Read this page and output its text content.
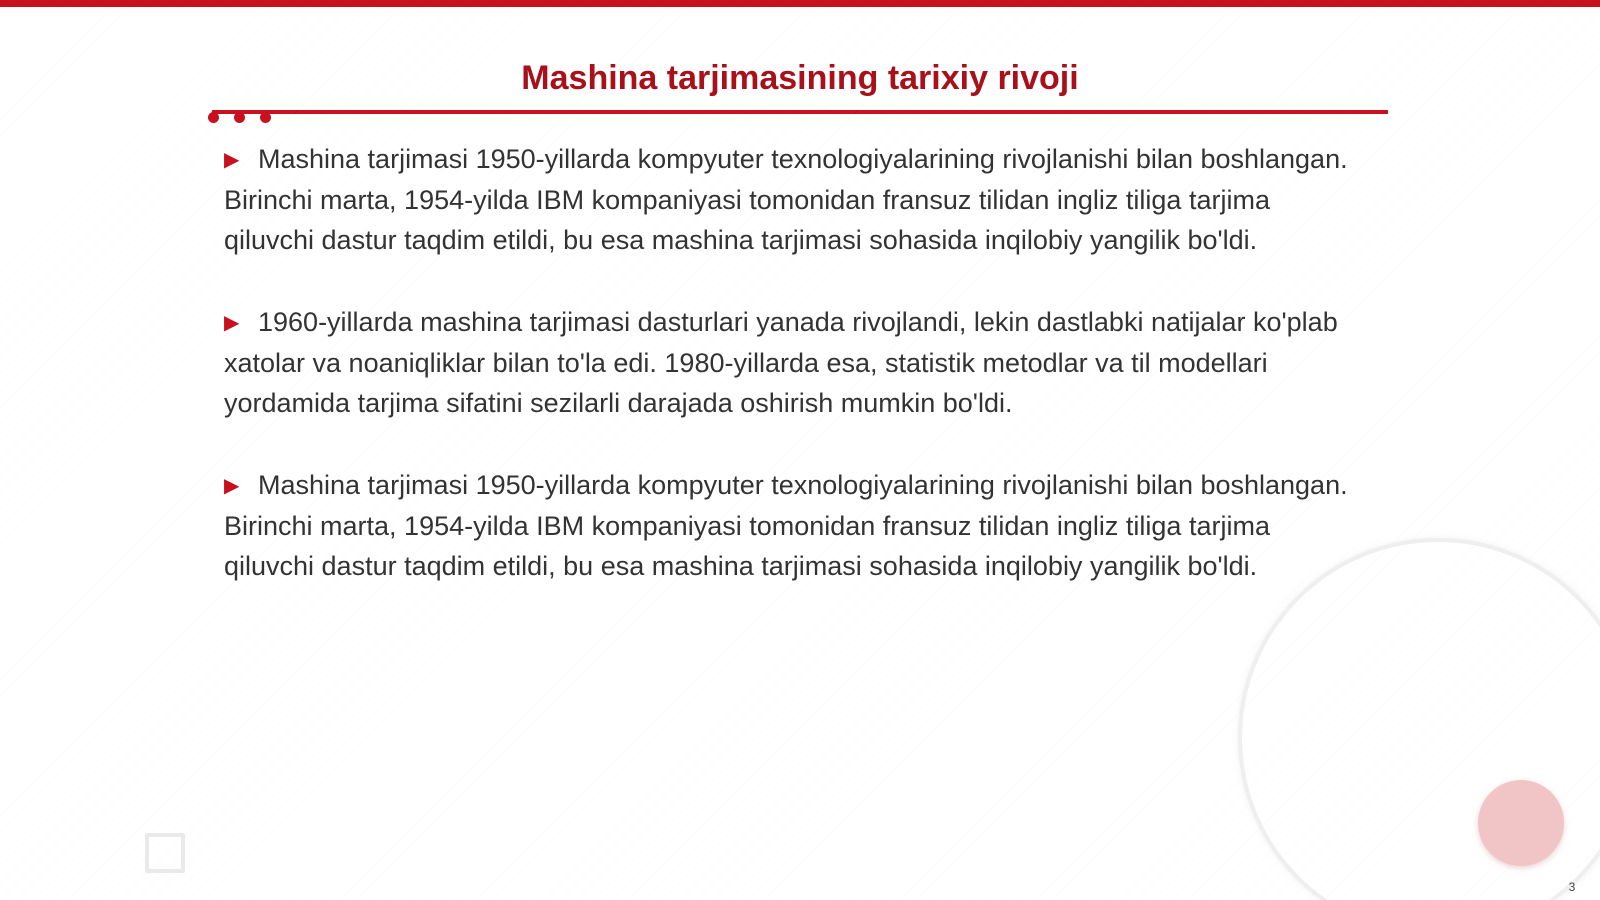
Mashina tarjimasining tarixiy rivoji

▶ Mashina tarjimasi 1950-yillarda kompyuter texnologiyalarining rivojlanishi bilan boshlangan. Birinchi marta, 1954-yilda IBM kompaniyasi tomonidan fransuz tilidan ingliz tiliga tarjima qiluvchi dastur taqdim etildi, bu esa mashina tarjimasi sohasida inqilobiy yangilik bo'ldi.

▶ 1960-yillarda mashina tarjimasi dasturlari yanada rivojlandi, lekin dastlabki natijalar ko'plab xatolar va noaniqliklar bilan to'la edi. 1980-yillarda esa, statistik metodlar va til modellari yordamida tarjima sifatini sezilarli darajada oshirish mumkin bo'ldi.

▶ Mashina tarjimasi 1950-yillarda kompyuter texnologiyalarining rivojlanishi bilan boshlangan. Birinchi marta, 1954-yilda IBM kompaniyasi tomonidan fransuz tilidan ingliz tiliga tarjima qiluvchi dastur taqdim etildi, bu esa mashina tarjimasi sohasida inqilobiy yangilik bo'ldi.

3
